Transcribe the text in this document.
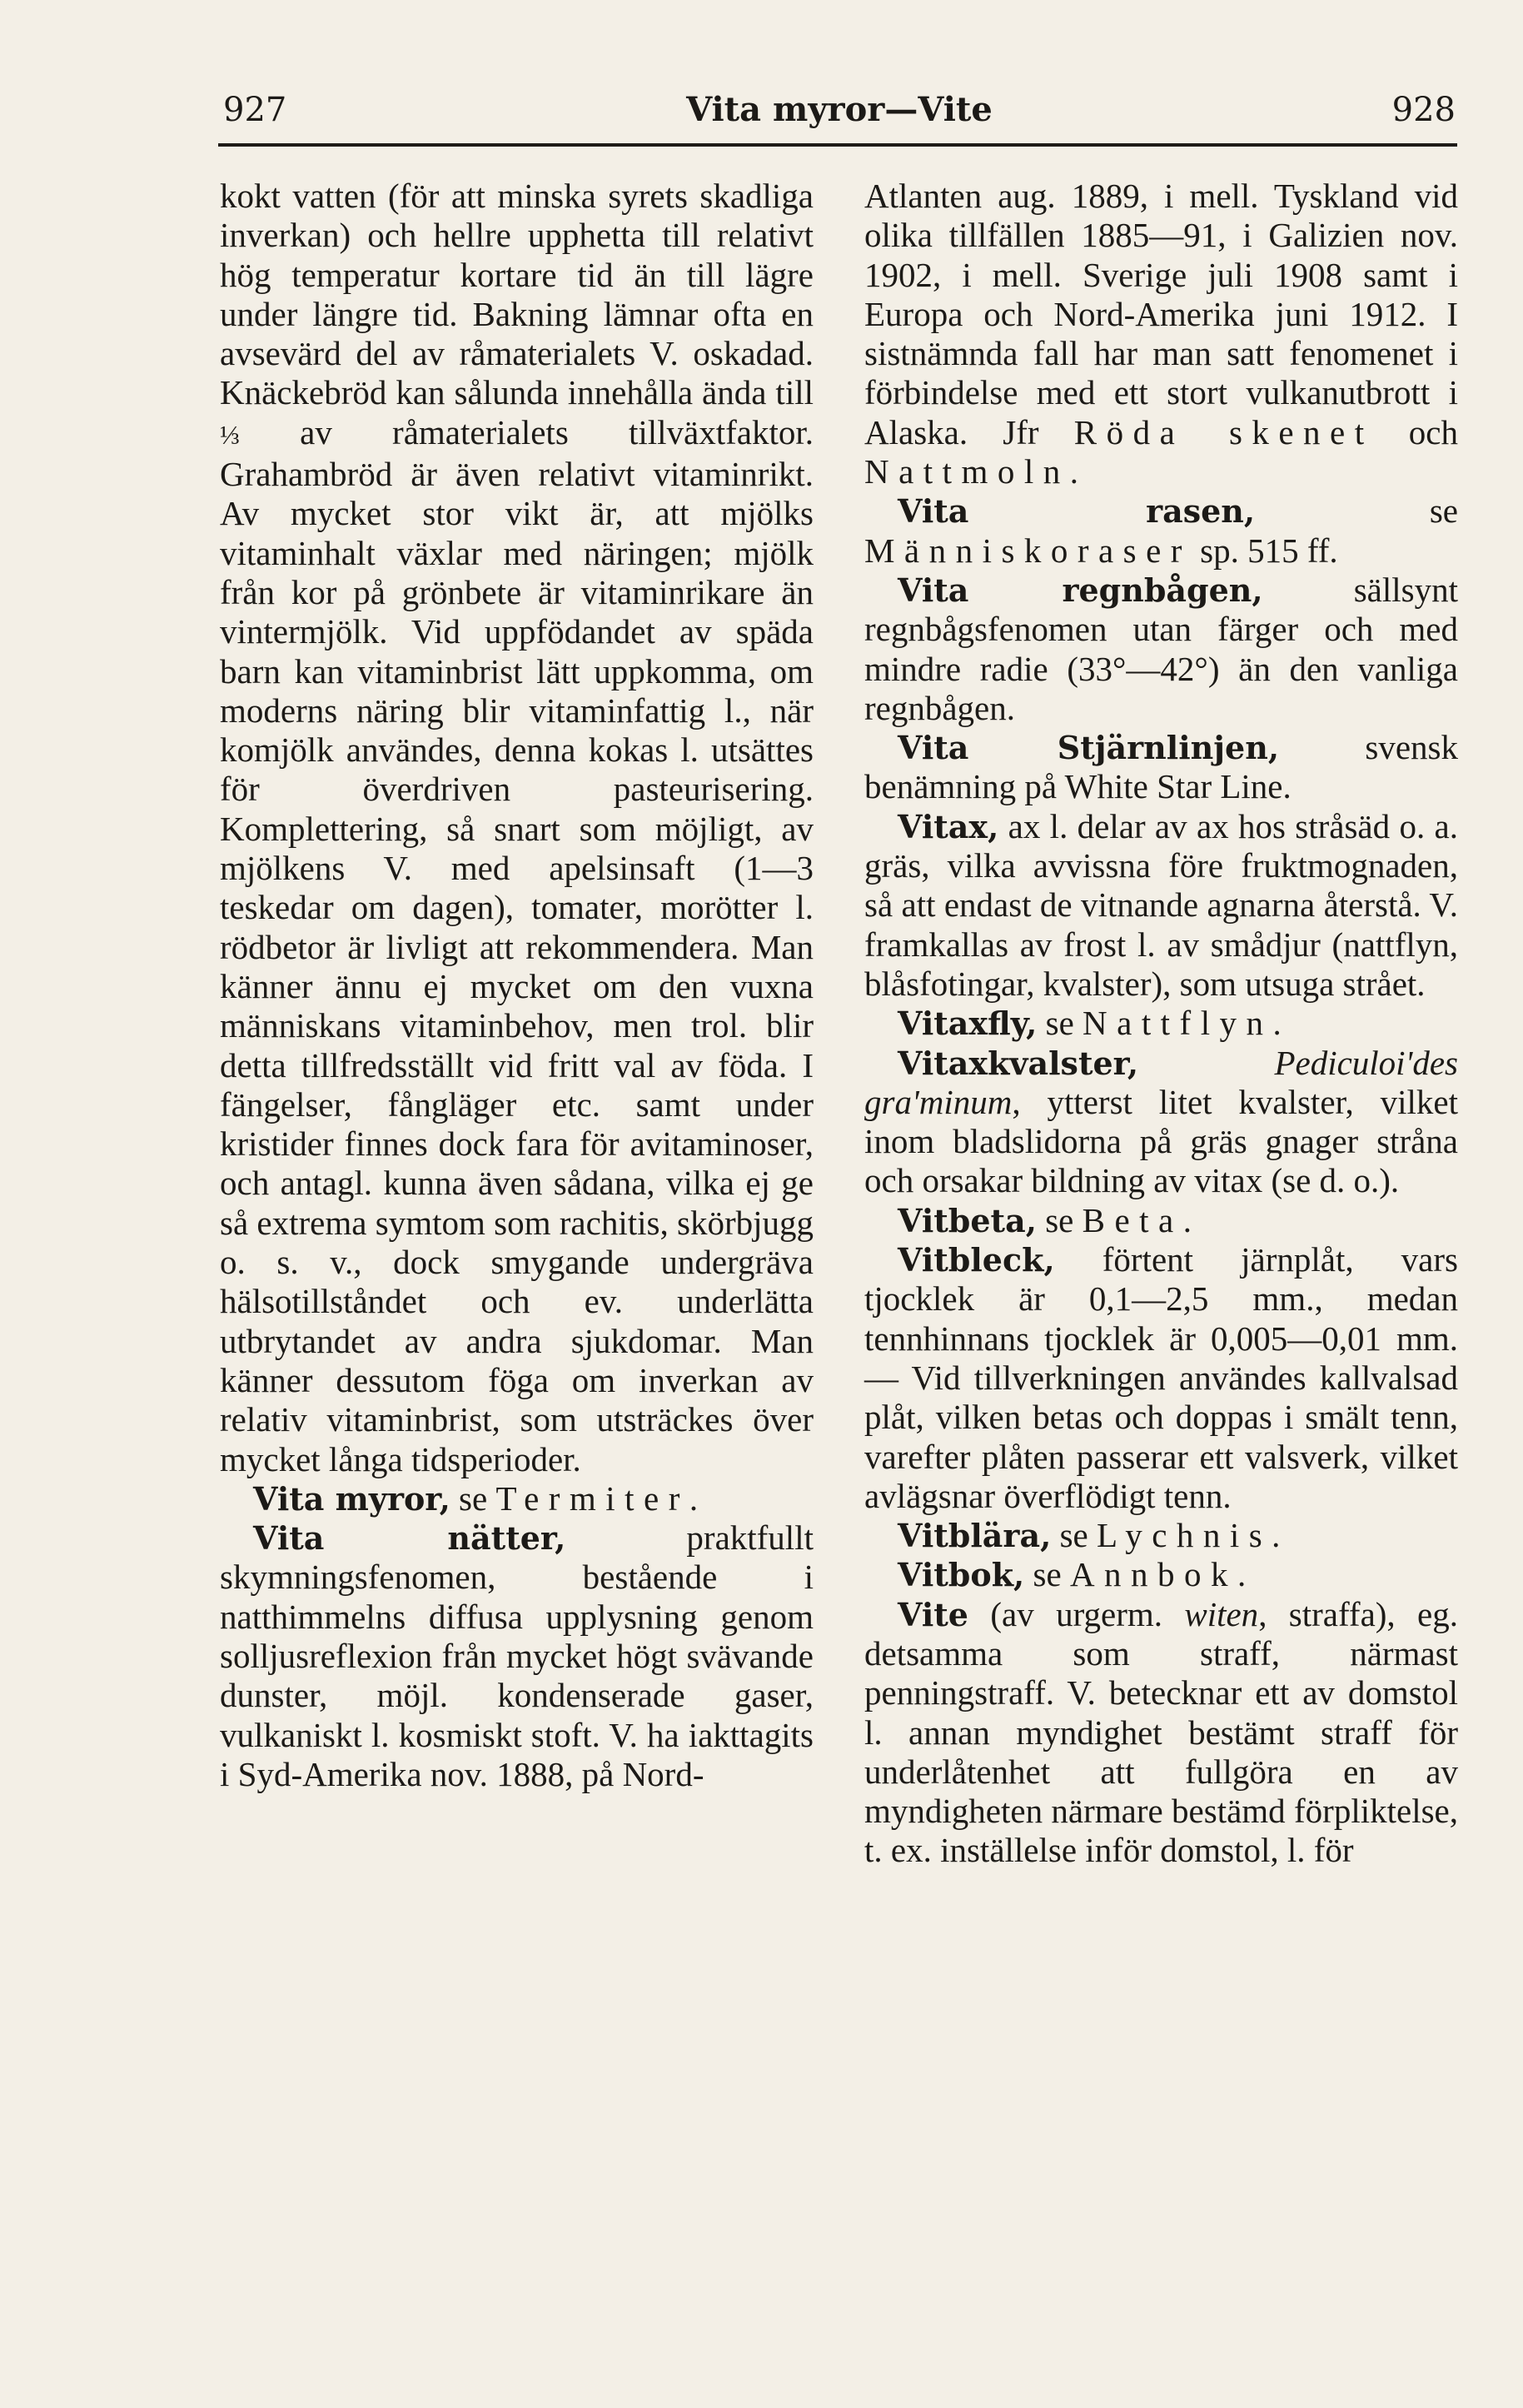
927	Vita myror—Vite	928

kokt vatten (för att minska syrets skadliga inverkan) och hellre upphetta till relativt hög temperatur kortare tid än till lägre under längre tid. Bakning lämnar ofta en avsevärd del av råmaterialets V. oskadad. Knäckebröd kan sålunda innehålla ända till ⅓ av råmaterialets tillväxtfaktor. Grahambröd är även relativt vitaminrikt. Av mycket stor vikt är, att mjölks vitaminhalt växlar med näringen; mjölk från kor på grönbete är vitaminrikare än vintermjölk. Vid uppfödandet av späda barn kan vitaminbrist lätt uppkomma, om moderns näring blir vitaminfattig l., när komjölk användes, denna kokas l. utsättes för överdriven pasteurisering. Komplettering, så snart som möjligt, av mjölkens V. med apelsinsaft (1—3 teskedar om dagen), tomater, morötter l. rödbetor är livligt att rekommendera. Man känner ännu ej mycket om den vuxna människans vitaminbehov, men trol. blir detta tillfredsställt vid fritt val av föda. I fängelser, fångläger etc. samt under kristider finnes dock fara för avitaminoser, och antagl. kunna även sådana, vilka ej ge så extrema symtom som rachitis, skörbjugg o. s. v., dock smygande undergräva hälsotillståndet och ev. underlätta utbrytandet av andra sjukdomar. Man känner dessutom föga om inverkan av relativ vitaminbrist, som utsträckes över mycket långa tidsperioder.

Vita myror, se Termiter.

Vita nätter, praktfullt skymningsfenomen, bestående i natthimmelns diffusa upplysning genom solljusreflexion från mycket högt svävande dunster, möjl. kondenserade gaser, vulkaniskt l. kosmiskt stoft. V. ha iakttagits i Syd-Amerika nov. 1888, på Nord-

Atlanten aug. 1889, i mell. Tyskland vid olika tillfällen 1885—91, i Galizien nov. 1902, i mell. Sverige juli 1908 samt i Europa och Nord-Amerika juni 1912. I sistnämnda fall har man satt fenomenet i förbindelse med ett stort vulkanutbrott i Alaska. Jfr Röda skenet och Nattmoln.

Vita rasen, se Människoraser sp. 515 ff.

Vita regnbågen, sällsynt regnbågsfenomen utan färger och med mindre radie (33°—42°) än den vanliga regnbågen.

Vita Stjärnlinjen, svensk benämning på White Star Line.

Vitax, ax l. delar av ax hos stråsäd o. a. gräs, vilka avvissna före fruktmognaden, så att endast de vitnande agnarna återstå. V. framkallas av frost l. av smådjur (nattflyn, blåsfotingar, kvalster), som utsuga strået.

Vitaxfly, se Nattflyn.

Vitaxkvalster,	Pediculoi'des gra'minum, ytterst litet kvalster, vilket inom bladslidorna på gräs gnager stråna och orsakar bildning av vitax (se d. o.).

Vitbeta, se Beta.

Vitbleck, förtent järnplåt, vars tjocklek är 0,1—2,5 mm., medan tennhinnans tjocklek är 0,005—0,01 mm. — Vid tillverkningen användes kallvalsad plåt, vilken betas och doppas i smält tenn, varefter plåten passerar ett valsverk, vilket avlägsnar överflödigt tenn.

Vitblära, se Lychnis.

Vitbok, se Annbok.

Vite (av urgerm. witen, straffa), eg. detsamma som straff, närmast penningstraff. V. betecknar ett av domstol l. annan myndighet bestämt straff för underlåtenhet att fullgöra en av myndigheten närmare bestämd förpliktelse, t. ex. inställelse inför domstol, l. för
